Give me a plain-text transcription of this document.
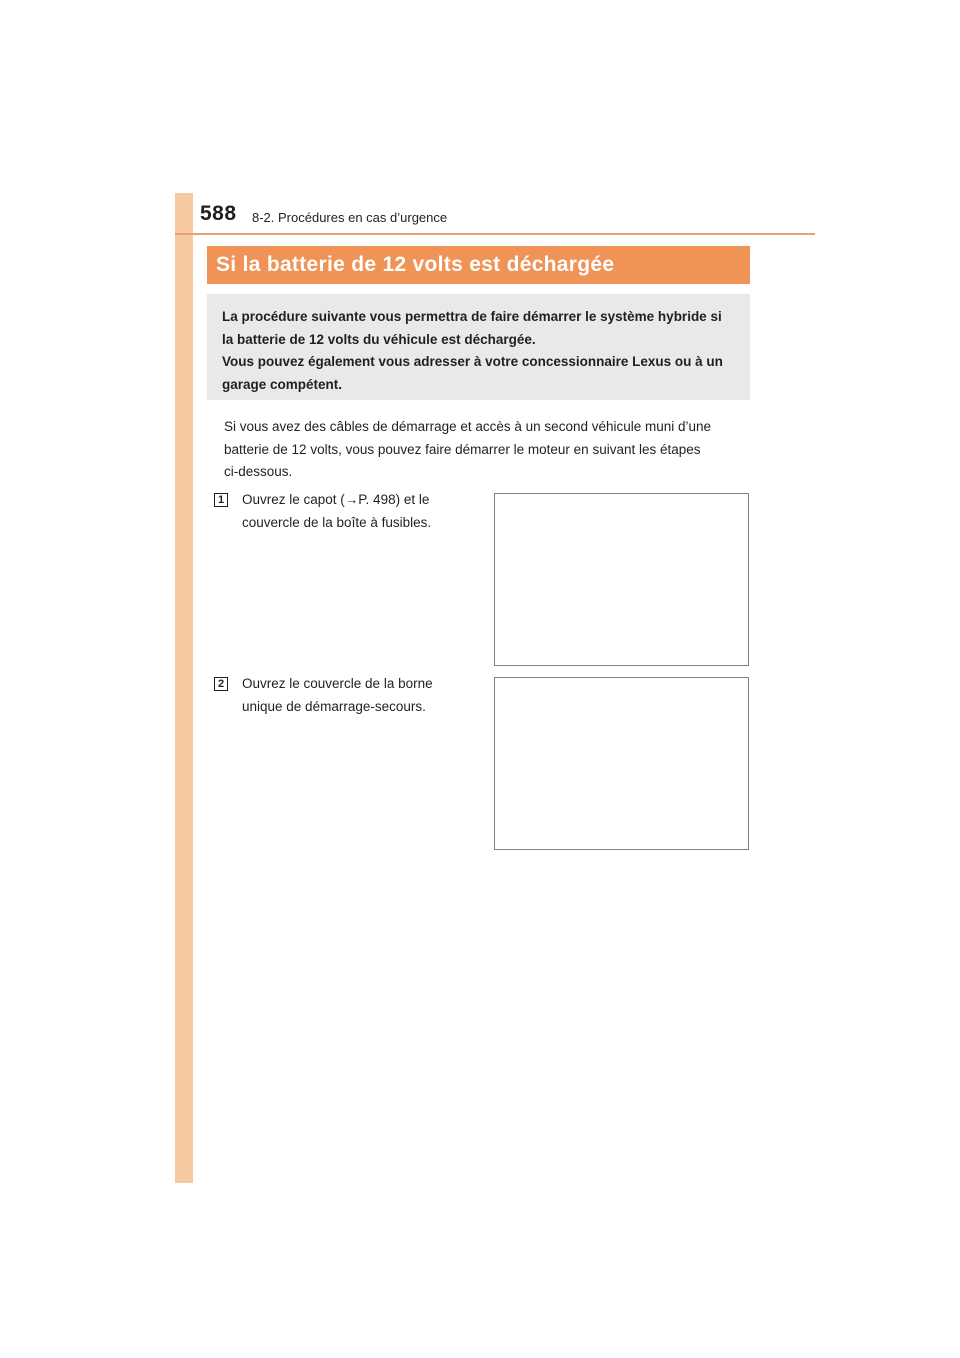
588 8-2. Procédures en cas d’urgence
Si la batterie de 12 volts est déchargée

La procédure suivante vous permettra de faire démarrer le système hybride si
la batterie de 12 volts du véhicule est déchargée.
Vous pouvez également vous adresser à votre concessionnaire Lexus ou à un
garage compétent.

Si vous avez des câbles de démarrage et accès à un second véhicule muni d’une
batterie de 12 volts, vous pouvez faire démarrer le moteur en suivant les étapes
ci-dessous.

1 Ouvrez le capot (→P. 498) et le
couvercle de la boîte à fusibles.

2 Ouvrez le couvercle de la borne
unique de démarrage-secours.
